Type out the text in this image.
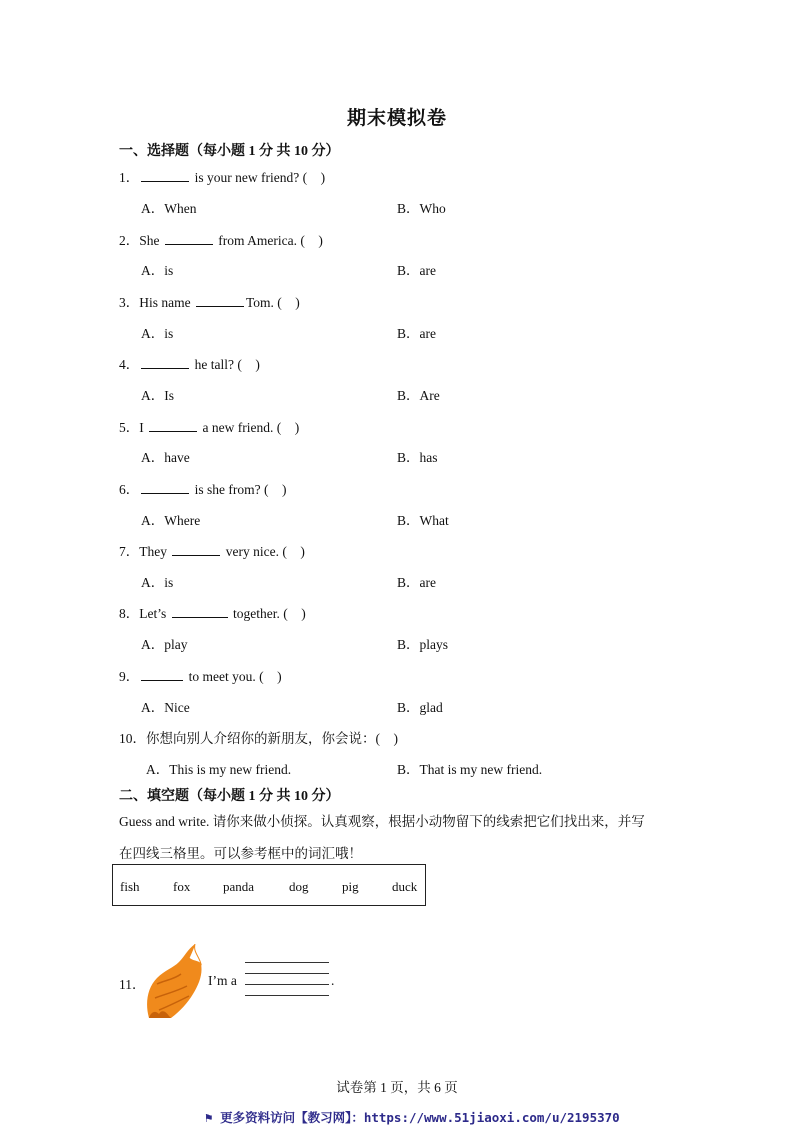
期末模拟卷
一、选择题（每小题 1 分 共 10 分）
1．	is your new friend? (　)
A．When	B．Who
2．She	from America. (　)
A．is	B．are
3．His name	Tom. (　)
A．is	B．are
4．	he tall? (　)
A．Is	B．Are
5．I	a new friend. (　)
A．have	B．has
6．	is she from? (　)
A．Where	B．What
7．They	very nice. (　)
A．is	B．are
8．Let’s	together. (　)
A．play	B．plays
9．	to meet you. (　)
A．Nice	B．glad
10．你想向别人介绍你的新朋友，你会说：(　)
A．This is my new friend.	B．That is my new friend.
二、填空题（每小题 1 分 共 10 分）
Guess and write. 请你来做小侦探。认真观察，根据小动物留下的线索把它们找出来，并写
在四线三格里。可以参考框中的词汇哦！
fish	fox	panda	dog	pig	duck
11．	I’m a	.
试卷第 1 页，共 6 页
⚑ 更多资料访问【教习网】：https://www.51jiaoxi.com/u/2195370
